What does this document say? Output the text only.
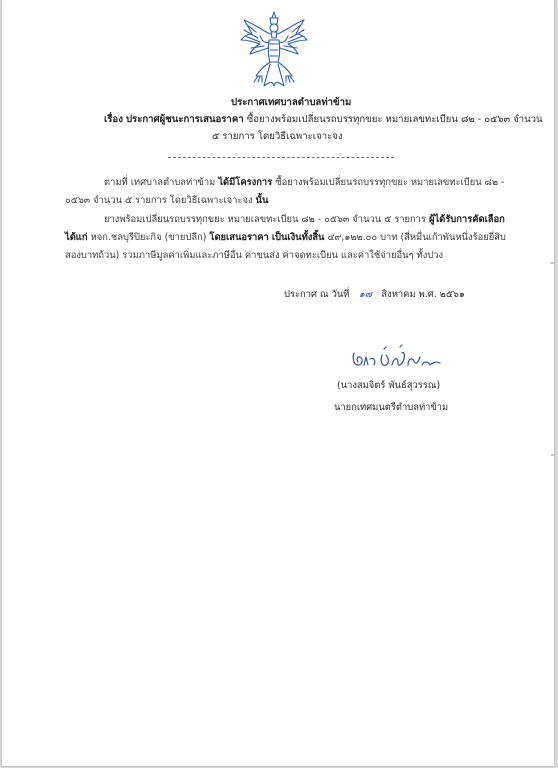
ประกาศเทศบาลตำบลท่าข้าม
เรื่อง ประกาศผู้ชนะการเสนอราคา ซื้อยางพร้อมเปลี่ยนรถบรรทุกขยะ หมายเลขทะเบียน ๘๒ - ๐๕๖๓ จำนวน
๕ รายการ โดยวิธีเฉพาะเจาะจง
ตามที่ เทศบาลตำบลท่าข้าม ได้มีโครงการ ซื้อยางพร้อมเปลี่ยนรถบรรทุกขยะ หมายเลขทะเบียน ๘๒ -
๐๕๖๓ จำนวน ๕ รายการ โดยวิธีเฉพาะเจาะจง นั้น
ยางพร้อมเปลี่ยนรถบรรทุกขยะ หมายเลขทะเบียน ๘๒ - ๐๕๖๓ จำนวน ๕ รายการ ผู้ได้รับการคัดเลือก
ได้แก่ หจก.ชลบุรีปิยะกิจ (ขายปลีก) โดยเสนอราคา เป็นเงินทั้งสิ้น ๔๙,๑๒๒.๐๐ บาท (สี่หมื่นเก้าพันหนึ่งร้อยยี่สิบ
สองบาทถ้วน) รวมภาษีมูลค่าเพิ่มและภาษีอื่น ค่าขนส่ง ค่าจดทะเบียน และค่าใช้จ่ายอื่นๆ ทั้งปวง
ประกาศ ณ วันที่ ๑๗ สิงหาคม พ.ศ. ๒๕๖๑
(นางสมจิตร์ พันธ์สุวรรณ)
นายกเทศมนตรีตำบลท่าข้าม
